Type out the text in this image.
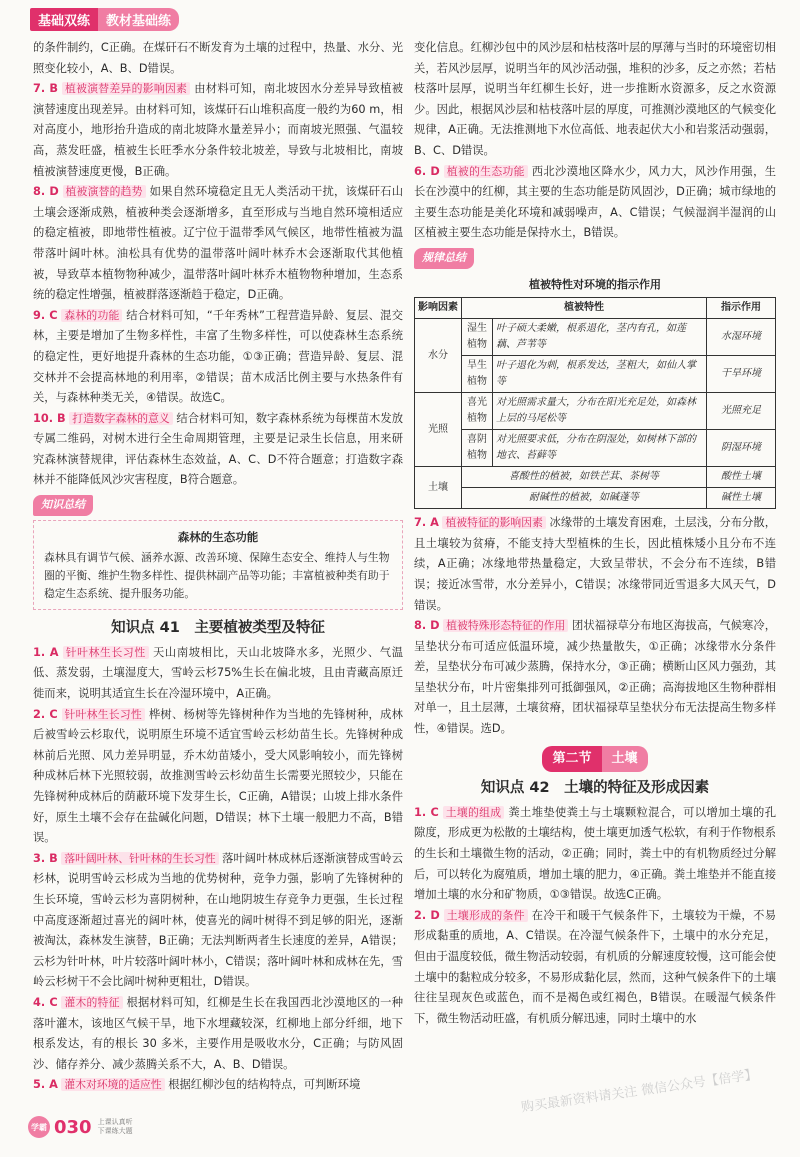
基础双练	教材基础练

的条件制约，C正确。在煤矸石不断发育为土壤的过程中，热量、水分、光照变化较小，A、B、D错误。

7. B 植被演替差异的影响因素 由材料可知，南北坡因水分差异导致植被演替速度出现差异。由材料可知，该煤矸石山堆积高度一般约为60 m，相对高度小，地形抬升造成的南北坡降水量差异小；而南坡光照强、气温较高，蒸发旺盛，植被生长旺季水分条件较北坡差，导致与北坡相比，南坡植被演替速度更慢，B正确。

8. D 植被演替的趋势 如果自然环境稳定且无人类活动干扰，该煤矸石山土壤会逐渐成熟，植被种类会逐渐增多，直至形成与当地自然环境相适应的稳定植被，即地带性植被。辽宁位于温带季风气候区，地带性植被为温带落叶阔叶林。油松具有优势的温带落叶阔叶林乔木会逐渐取代其他植被，导致草本植物物种减少，温带落叶阔叶林乔木植物物种增加，生态系统的稳定性增强，植被群落逐渐趋于稳定，D正确。

9. C 森林的功能 结合材料可知，“千年秀林”工程营造异龄、复层、混交林，主要是增加了生物多样性，丰富了生物多样性，可以使森林生态系统的稳定性，更好地提升森林的生态功能，①③正确；营造异龄、复层、混交林并不会提高林地的利用率，②错误；苗木成活比例主要与水热条件有关，与森林种类无关，④错误。故选C。

10. B 打造数字森林的意义 结合材料可知，数字森林系统为每棵苗木发放专属二维码，对树木进行全生命周期管理，主要是记录生长信息，用来研究森林演替规律，评估森林生态效益，A、C、D不符合题意；打造数字森林并不能降低风沙灾害程度，B符合题意。

知识总结
森林的生态功能
森林具有调节气候、涵养水源、改善环境、保障生态安全、维持人与生物圈的平衡、维护生物多样性、提供林副产品等功能；丰富植被种类有助于稳定生态系统、提升服务功能。
知识点 41　主要植被类型及特征

1. A 针叶林生长习性 天山南坡相比，天山北坡降水多，光照少、气温低、蒸发弱，土壤湿度大，雪岭云杉75%生长在偏北坡，且由青藏高原迁徙而来，说明其适宜生长在冷湿环境中，A正确。

2. C 针叶林生长习性 桦树、杨树等先锋树种作为当地的先锋树种，成林后被雪岭云杉取代，说明原生环境不适宜雪岭云杉幼苗生长。先锋树种成林前后光照、风力差异明显，乔木幼苗矮小，受大风影响较小，而先锋树种成林后林下光照较弱，故推测雪岭云杉幼苗生长需要光照较少，只能在先锋树种成林后的荫蔽环境下发芽生长，C正确，A错误；山坡上排水条件好，原生土壤不会存在盐碱化问题，D错误；林下土壤一般肥力不高，B错误。

3. B 落叶阔叶林、针叶林的生长习性 落叶阔叶林成林后逐渐演替成雪岭云杉林，说明雪岭云杉成为当地的优势树种，竞争力强，影响了先锋树种的生长环境，雪岭云杉为喜阴树种，在山地阴坡生存竞争力更强，生长过程中高度逐渐超过喜光的阔叶林，使喜光的阔叶树得不到足够的阳光，逐渐被淘汰，森林发生演替，B正确；无法判断两者生长速度的差异，A错误；云杉为针叶林，叶片较落叶阔叶林小，C错误；落叶阔叶林和成林在先，雪岭云杉树干不会比阔叶树种更粗壮，D错误。

4. C 灌木的特征 根据材料可知，红柳是生长在我国西北沙漠地区的一种落叶灌木，该地区气候干旱，地下水埋藏较深，红柳地上部分纤细，地下根系发达，有的根长 30 多米，主要作用是吸收水分，C正确；与防风固沙、储存养分、减少蒸腾关系不大，A、B、D错误。

5. A 灌木对环境的适应性 根据红柳沙包的结构特点，可判断环境

变化信息。红柳沙包中的风沙层和枯枝落叶层的厚薄与当时的环境密切相关，若风沙层厚，说明当年的风沙活动强，堆积的沙多，反之亦然；若枯枝落叶层厚，说明当年红柳生长好，进一步推断水资源多，反之水资源少。因此，根据风沙层和枯枝落叶层的厚度，可推测沙漠地区的气候变化规律，A正确。无法推测地下水位高低、地表起伏大小和岩浆活动强弱，B、C、D错误。

6. D 植被的生态功能 西北沙漠地区降水少，风力大，风沙作用强，生长在沙漠中的红柳，其主要的生态功能是防风固沙，D正确；城市绿地的主要生态功能是美化环境和减弱噪声，A、C错误；气候湿润半湿润的山区植被主要生态功能是保持水土，B错误。

规律总结
植被特性对环境的指示作用
影响因素	植被特性		指示作用
水分	湿生植物	叶子硕大柔嫩，根系退化，茎内有孔，如莲藕、芦苇等	水湿环境
	旱生植物	叶子退化为刺，根系发达，茎粗大，如仙人掌等	干旱环境
光照	喜光植物	对光照需求量大，分布在阳光充足处，如森林上层的马尾松等	光照充足
	喜阴植物	对光照要求低，分布在阴湿处，如树林下部的地衣、苔藓等	阴湿环境
土壤	喜酸性的植被，如铁芒萁、茶树等		酸性土壤
	耐碱性的植被，如碱蓬等		碱性土壤

7. A 植被特征的影响因素 冰缘带的土壤发育困难，土层浅，分布分散，且土壤较为贫瘠，不能支持大型植株的生长，因此植株矮小且分布不连续，A正确；冰缘地带热量稳定，大致呈带状，不会分布不连续，B错误；接近冰雪带，水分差异小，C错误；冰缘带同近雪退多大风天气，D错误。

8. D 植被特殊形态特征的作用 团状福禄草分布地区海拔高，气候寒冷，呈垫状分布可适应低温环境，减少热量散失，①正确；冰缘带水分条件差，呈垫状分布可减少蒸腾，保持水分，③正确；横断山区风力强劲，其呈垫状分布，叶片密集排列可抵御强风，②正确；高海拔地区生物种群相对单一，且土层薄，土壤贫瘠，团状福禄草呈垫状分布无法提高生物多样性，④错误。选D。

第二节	土壤
知识点 42　土壤的特征及形成因素

1. C 土壤的组成 粪土堆垫使粪土与土壤颗粒混合，可以增加土壤的孔隙度，形成更为松散的土壤结构，使土壤更加透气松软，有利于作物根系的生长和土壤微生物的活动，②正确；同时，粪土中的有机物质经过分解后，可以转化为腐殖质，增加土壤的肥力，④正确。粪土堆垫并不能直接增加土壤的水分和矿物质，①③错误。故选C正确。

2. D 土壤形成的条件 在冷干和暖干气候条件下，土壤较为干燥，不易形成黏重的质地，A、C错误。在冷湿气候条件下，土壤中的水分充足，但由于温度较低，微生物活动较弱，有机质的分解速度较慢，这可能会使土壤中的黏粒成分较多，不易形成黏化层，然而，这种气候条件下的土壤往往呈现灰色或蓝色，而不是褐色或红褐色，B错误。在暖湿气候条件下，微生物活动旺盛，有机质分解迅速，同时土壤中的水

学霸 030 上课认真听
下课练大题
购买最新资料请关注 微信公众号【倍学】
